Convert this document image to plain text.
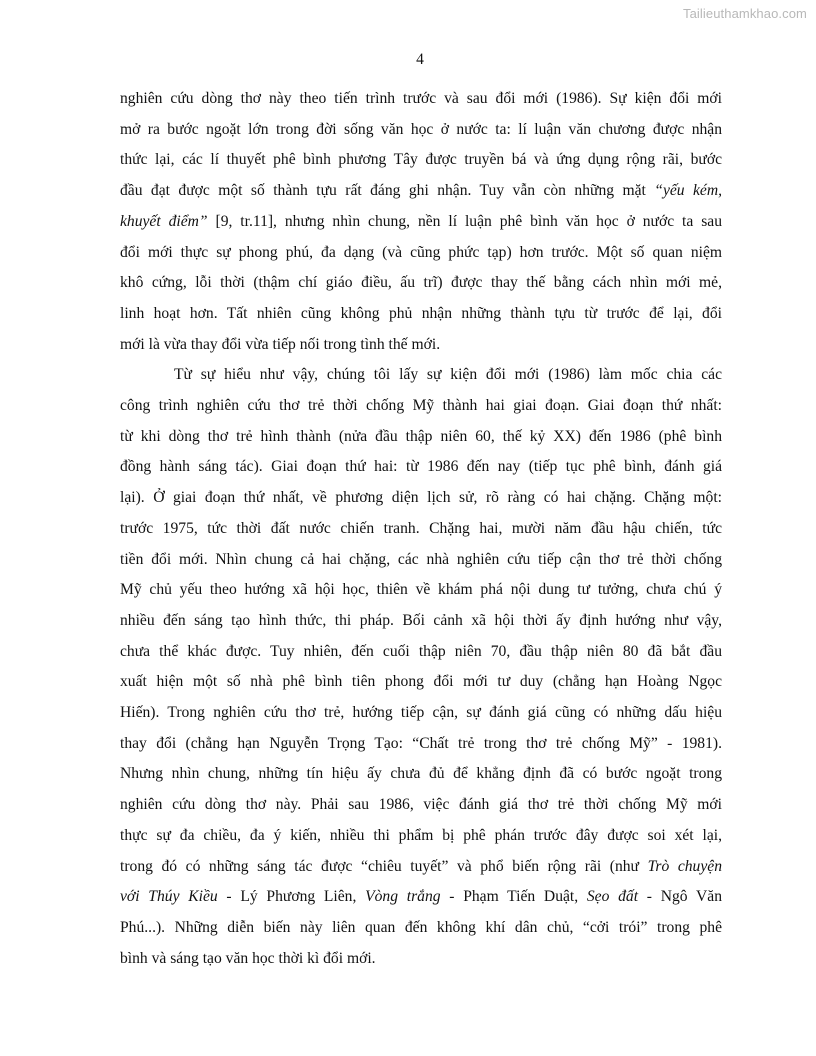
Tailieuthamkhao.com
4

nghiên cứu dòng thơ này theo tiến trình trước và sau đổi mới (1986). Sự kiện đổi mới
mở ra bước ngoặt lớn trong đời sống văn học ở nước ta: lí luận văn chương được nhận
thức lại, các lí thuyết phê bình phương Tây được truyền bá và ứng dụng rộng rãi, bước
đầu đạt được một số thành tựu rất đáng ghi nhận. Tuy vẫn còn những mặt “yếu kém,
khuyết điểm” [9, tr.11], nhưng nhìn chung, nền lí luận phê bình văn học ở nước ta sau
đổi mới thực sự phong phú, đa dạng (và cũng phức tạp) hơn trước. Một số quan niệm
khô cứng, lỗi thời (thậm chí giáo điều, ấu trĩ) được thay thế bằng cách nhìn mới mẻ,
linh hoạt hơn. Tất nhiên cũng không phủ nhận những thành tựu từ trước để lại, đổi
mới là vừa thay đổi vừa tiếp nối trong tình thế mới.

Từ sự hiểu như vậy, chúng tôi lấy sự kiện đổi mới (1986) làm mốc chia các
công trình nghiên cứu thơ trẻ thời chống Mỹ thành hai giai đoạn. Giai đoạn thứ nhất:
từ khi dòng thơ trẻ hình thành (nửa đầu thập niên 60, thế kỷ XX) đến 1986 (phê bình
đồng hành sáng tác). Giai đoạn thứ hai: từ 1986 đến nay (tiếp tục phê bình, đánh giá
lại). Ở giai đoạn thứ nhất, về phương diện lịch sử, rõ ràng có hai chặng. Chặng một:
trước 1975, tức thời đất nước chiến tranh. Chặng hai, mười năm đầu hậu chiến, tức
tiền đổi mới. Nhìn chung cả hai chặng, các nhà nghiên cứu tiếp cận thơ trẻ thời chống
Mỹ chủ yếu theo hướng xã hội học, thiên về khám phá nội dung tư tưởng, chưa chú ý
nhiều đến sáng tạo hình thức, thi pháp. Bối cảnh xã hội thời ấy định hướng như vậy,
chưa thể khác được. Tuy nhiên, đến cuối thập niên 70, đầu thập niên 80 đã bắt đầu
xuất hiện một số nhà phê bình tiên phong đổi mới tư duy (chẳng hạn Hoàng Ngọc
Hiến). Trong nghiên cứu thơ trẻ, hướng tiếp cận, sự đánh giá cũng có những dấu hiệu
thay đổi (chẳng hạn Nguyễn Trọng Tạo: “Chất trẻ trong thơ trẻ chống Mỹ” - 1981).
Nhưng nhìn chung, những tín hiệu ấy chưa đủ để khẳng định đã có bước ngoặt trong
nghiên cứu dòng thơ này. Phải sau 1986, việc đánh giá thơ trẻ thời chống Mỹ mới
thực sự đa chiều, đa ý kiến, nhiều thi phẩm bị phê phán trước đây được soi xét lại,
trong đó có những sáng tác được “chiêu tuyết” và phổ biến rộng rãi (như Trò chuyện
với Thúy Kiều - Lý Phương Liên, Vòng trắng - Phạm Tiến Duật, Sẹo đất - Ngô Văn
Phú...). Những diễn biến này liên quan đến không khí dân chủ, “cởi trói” trong phê
bình và sáng tạo văn học thời kì đổi mới.
